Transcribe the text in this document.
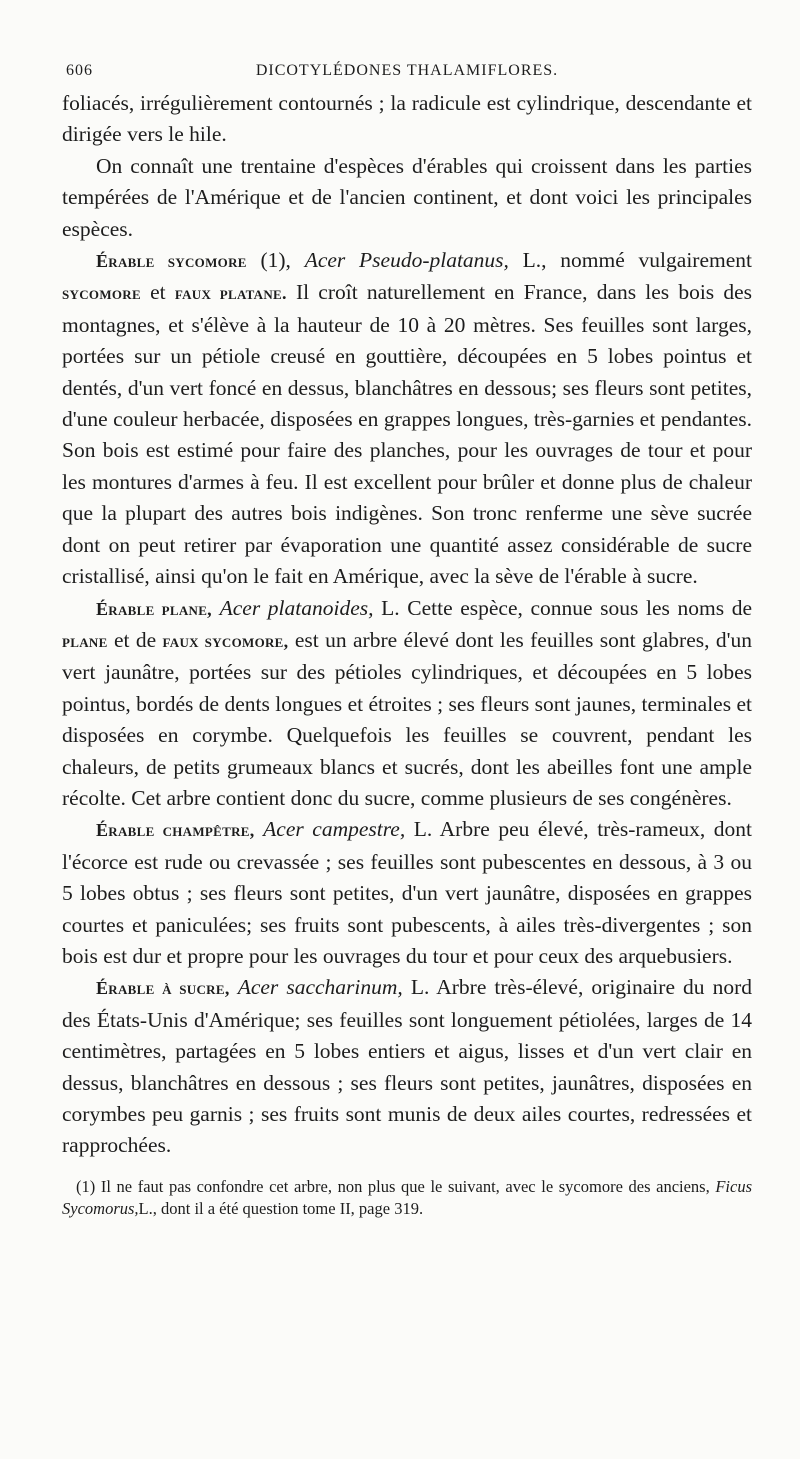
606	DICOTYLÉDONES THALAMIFLORES.

foliacés, irrégulièrement contournés ; la radicule est cylindrique, descendante et dirigée vers le hile.

On connaît une trentaine d'espèces d'érables qui croissent dans les parties tempérées de l'Amérique et de l'ancien continent, et dont voici les principales espèces.

Érable sycomore (1), Acer Pseudo-platanus, L., nommé vulgairement sycomore et faux platane. Il croît naturellement en France, dans les bois des montagnes, et s'élève à la hauteur de 10 à 20 mètres. Ses feuilles sont larges, portées sur un pétiole creusé en gouttière, découpées en 5 lobes pointus et dentés, d'un vert foncé en dessus, blanchâtres en dessous; ses fleurs sont petites, d'une couleur herbacée, disposées en grappes longues, très-garnies et pendantes. Son bois est estimé pour faire des planches, pour les ouvrages de tour et pour les montures d'armes à feu. Il est excellent pour brûler et donne plus de chaleur que la plupart des autres bois indigènes. Son tronc renferme une sève sucrée dont on peut retirer par évaporation une quantité assez considérable de sucre cristallisé, ainsi qu'on le fait en Amérique, avec la sève de l'érable à sucre.

Érable plane, Acer platanoides, L. Cette espèce, connue sous les noms de plane et de faux sycomore, est un arbre élevé dont les feuilles sont glabres, d'un vert jaunâtre, portées sur des pétioles cylindriques, et découpées en 5 lobes pointus, bordés de dents longues et étroites ; ses fleurs sont jaunes, terminales et disposées en corymbe. Quelquefois les feuilles se couvrent, pendant les chaleurs, de petits grumeaux blancs et sucrés, dont les abeilles font une ample récolte. Cet arbre contient donc du sucre, comme plusieurs de ses congénères.

Érable champêtre, Acer campestre, L. Arbre peu élevé, très-rameux, dont l'écorce est rude ou crevassée ; ses feuilles sont pubescentes en dessous, à 3 ou 5 lobes obtus ; ses fleurs sont petites, d'un vert jaunâtre, disposées en grappes courtes et paniculées; ses fruits sont pubescents, à ailes très-divergentes ; son bois est dur et propre pour les ouvrages du tour et pour ceux des arquebusiers.

Érable à sucre, Acer saccharinum, L. Arbre très-élevé, originaire du nord des États-Unis d'Amérique; ses feuilles sont longuement pétiolées, larges de 14 centimètres, partagées en 5 lobes entiers et aigus, lisses et d'un vert clair en dessus, blanchâtres en dessous ; ses fleurs sont petites, jaunâtres, disposées en corymbes peu garnis ; ses fruits sont munis de deux ailes courtes, redressées et rapprochées.

(1) Il ne faut pas confondre cet arbre, non plus que le suivant, avec le sycomore des anciens, Ficus Sycomorus,L., dont il a été question tome II, page 319.
